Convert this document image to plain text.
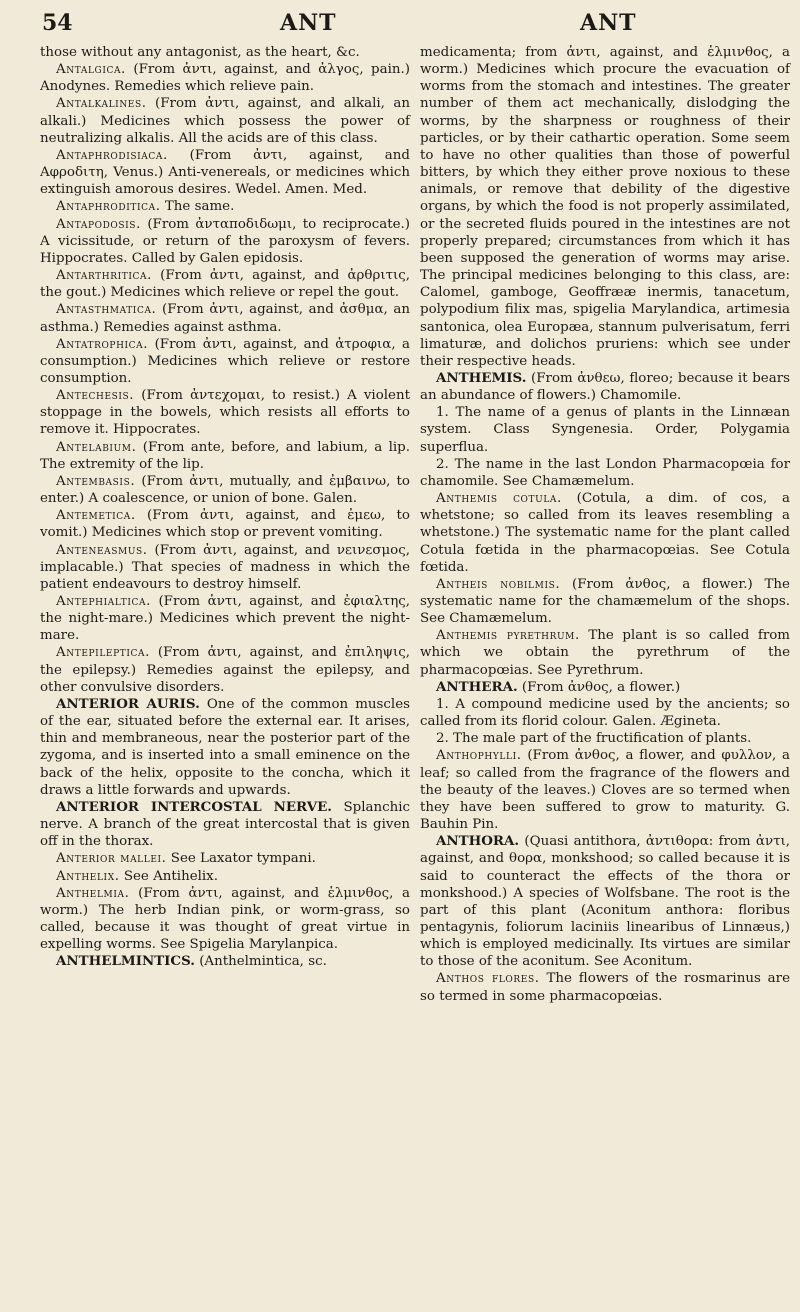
54	ANT	ANT

those without any antagonist, as the heart, &c.

Antalgica. (From ἀντι, against, and ἀλγος, pain.) Anodynes. Remedies which relieve pain.

Antalkalines. (From ἀντι, against, and alkali, an alkali.) Medicines which possess the power of neutralizing alkalis. All the acids are of this class.

Antaphrodisiaca. (From ἀντι, against, and Αφροδιτη, Venus.) Anti-venereals, or medicines which extinguish amorous desires. Wedel. Amen. Med.

Antaphroditica. The same.

Antapodosis. (From ἀνταποδιδωμι, to reciprocate.) A vicissitude, or return of the paroxysm of fevers. Hippocrates. Called by Galen epidosis.

Antarthritica. (From ἀντι, against, and ἀρθριτις, the gout.) Medicines which relieve or repel the gout.

Antasthmatica. (From ἀντι, against, and ἀσθμα, an asthma.) Remedies against asthma.

Antatrophica. (From ἀντι, against, and ἀτροφια, a consumption.) Medicines which relieve or restore consumption.

Antechesis. (From ἀντεχομαι, to resist.) A violent stoppage in the bowels, which resists all efforts to remove it. Hippocrates.

Antelabium. (From ante, before, and labium, a lip. The extremity of the lip.

Antembasis. (From ἀντι, mutually, and ἐμβαινω, to enter.) A coalescence, or union of bone. Galen.

Antemetica. (From ἀντι, against, and ἐμεω, to vomit.) Medicines which stop or prevent vomiting.

Anteneasmus. (From ἀντι, against, and νεινεσμος, implacable.) That species of madness in which the patient endeavours to destroy himself.

Antephialtica. (From ἀντι, against, and ἐφιαλτης, the night-mare.) Medicines which prevent the night-mare.

Antepileptica. (From ἀντι, against, and ἐπιληψις, the epilepsy.) Remedies against the epilepsy, and other convulsive disorders.

ANTERIOR AURIS. One of the common muscles of the ear, situated before the external ear. It arises, thin and membraneous, near the posterior part of the zygoma, and is inserted into a small eminence on the back of the helix, opposite to the concha, which it draws a little forwards and upwards.

ANTERIOR INTERCOSTAL NERVE. Splanchic nerve. A branch of the great intercostal that is given off in the thorax.

Anterior mallei. See Laxator tympani.

Anthelix. See Antihelix.

Anthelmia. (From ἀντι, against, and ἑλμινθος, a worm.) The herb Indian pink, or worm-grass, so called, because it was thought of great virtue in expelling worms. See Spigelia Marylanpica.

ANTHELMINTICS. (Anthelmintica, sc.

medicamenta; from ἀντι, against, and ἑλμινθος, a worm.) Medicines which procure the evacuation of worms from the stomach and intestines. The greater number of them act mechanically, dislodging the worms, by the sharpness or roughness of their particles, or by their cathartic operation. Some seem to have no other qualities than those of powerful bitters, by which they either prove noxious to these animals, or remove that debility of the digestive organs, by which the food is not properly assimilated, or the secreted fluids poured in the intestines are not properly prepared; circumstances from which it has been supposed the generation of worms may arise. The principal medicines belonging to this class, are: Calomel, gamboge, Geoffrææ inermis, tanacetum, polypodium filix mas, spigelia Marylandica, artimesia santonica, olea Europæa, stannum pulverisatum, ferri limaturæ, and dolichos pruriens: which see under their respective heads.

ANTHEMIS. (From ἀνθεω, floreo; because it bears an abundance of flowers.) Chamomile.

1. The name of a genus of plants in the Linnæan system. Class Syngenesia. Order, Polygamia superflua.

2. The name in the last London Pharmacopœia for chamomile. See Chamæmelum.

Anthemis cotula. (Cotula, a dim. of cos, a whetstone; so called from its leaves resembling a whetstone.) The systematic name for the plant called Cotula fœtida in the pharmacopœias. See Cotula fœtida.

Antheis nobilmis. (From ἀνθος, a flower.) The systematic name for the chamæmelum of the shops. See Chamæmelum.

Anthemis pyrethrum. The plant is so called from which we obtain the pyrethrum of the pharmacopœias. See Pyrethrum.

ANTHERA. (From ἀνθος, a flower.)

1. A compound medicine used by the ancients; so called from its florid colour. Galen. Ægineta.

2. The male part of the fructification of plants.

Anthophylli. (From ἀνθος, a flower, and φυλλον, a leaf; so called from the fragrance of the flowers and the beauty of the leaves.) Cloves are so termed when they have been suffered to grow to maturity. G. Bauhin Pin.

ANTHORA. (Quasi antithora, ἀντιθορα: from ἀντι, against, and θορα, monkshood; so called because it is said to counteract the effects of the thora or monkshood.) A species of Wolfsbane. The root is the part of this plant (Aconitum anthora: floribus pentagynis, foliorum laciniis linearibus of Linnæus,) which is employed medicinally. Its virtues are similar to those of the aconitum. See Aconitum.

Anthos flores. The flowers of the rosmarinus are so termed in some pharmacopœias.
